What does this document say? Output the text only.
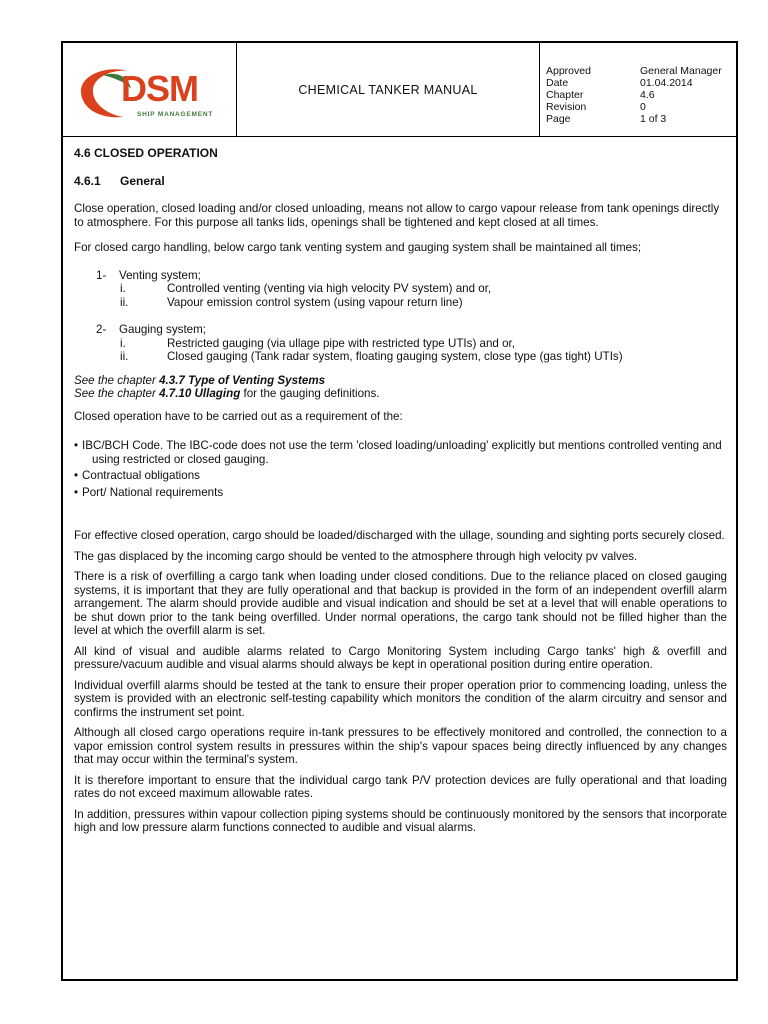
DSM
SHIP MANAGEMENT
CHEMICAL TANKER MANUAL
Approved	General Manager
Date	01.04.2014
Chapter	4.6
Revision	0
Page	1 of 3
4.6 CLOSED OPERATION
4.6.1 General

Close operation, closed loading and/or closed unloading, means not allow to cargo vapour release from tank openings directly to atmosphere. For this purpose all tanks lids, openings shall be tightened and kept closed at all times.

For closed cargo handling, below cargo tank venting system and gauging system shall be maintained all times;

1- Venting system;
i.	Controlled venting (venting via high velocity PV system) and or,
ii.	Vapour emission control system (using vapour return line)
2- Gauging system;
i.	Restricted gauging (via ullage pipe with restricted type UTIs) and or,
ii.	Closed gauging (Tank radar system, floating gauging system, close type (gas tight) UTIs)

See the chapter 4.3.7 Type of Venting Systems
See the chapter 4.7.10 Ullaging for the gauging definitions.

Closed operation have to be carried out as a requirement of the:

• IBC/BCH Code. The IBC-code does not use the term 'closed loading/unloading' explicitly but mentions controlled venting and using restricted or closed gauging.
• Contractual obligations
• Port/ National requirements

For effective closed operation, cargo should be loaded/discharged with the ullage, sounding and sighting ports securely closed.

The gas displaced by the incoming cargo should be vented to the atmosphere through high velocity pv valves.

There is a risk of overfilling a cargo tank when loading under closed conditions. Due to the reliance placed on closed gauging systems, it is important that they are fully operational and that backup is provided in the form of an independent overfill alarm arrangement. The alarm should provide audible and visual indication and should be set at a level that will enable operations to be shut down prior to the tank being overfilled. Under normal operations, the cargo tank should not be filled higher than the level at which the overfill alarm is set.

All kind of visual and audible alarms related to Cargo Monitoring System including Cargo tanks' high & overfill and pressure/vacuum audible and visual alarms should always be kept in operational position during entire operation.

Individual overfill alarms should be tested at the tank to ensure their proper operation prior to commencing loading, unless the system is provided with an electronic self-testing capability which monitors the condition of the alarm circuitry and sensor and confirms the instrument set point.

Although all closed cargo operations require in-tank pressures to be effectively monitored and controlled, the connection to a vapor emission control system results in pressures within the ship's vapour spaces being directly influenced by any changes that may occur within the terminal's system.

It is therefore important to ensure that the individual cargo tank P/V protection devices are fully operational and that loading rates do not exceed maximum allowable rates.

In addition, pressures within vapour collection piping systems should be continuously monitored by the sensors that incorporate high and low pressure alarm functions connected to audible and visual alarms.
